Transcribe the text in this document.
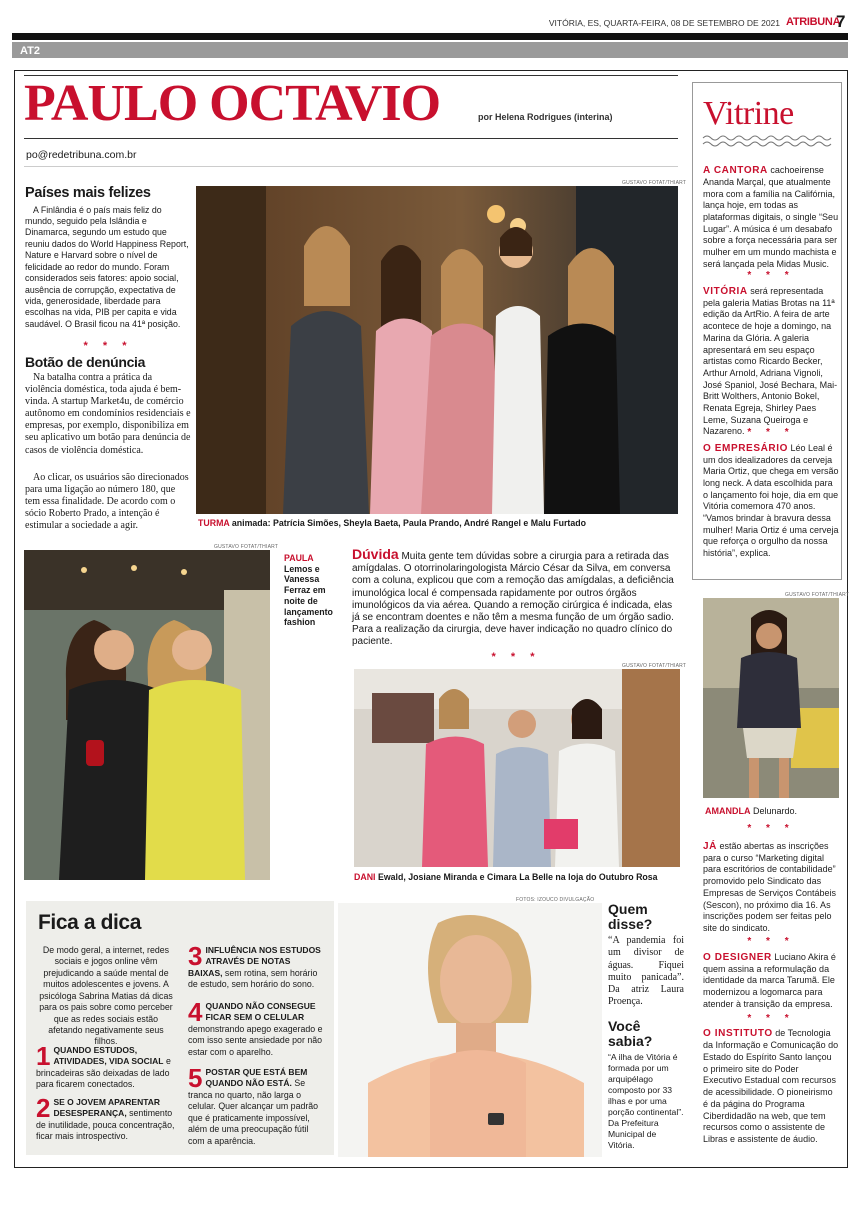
VITÓRIA, ES, QUARTA-FEIRA, 08 DE SETEMBRO DE 2021 ATRIBUNA
7
AT2
PAULO OCTAVIO	por Helena Rodrigues (interina)
po@redetribuna.com.br
Países mais felizes

A Finlândia é o país mais feliz do mundo, seguido pela Islândia e Dinamarca, segundo um estudo que reuniu dados do World Happiness Report, Nature e Harvard sobre o nível de felicidade ao redor do mundo. Foram considerados seis fatores: apoio social, ausência de corrupção, expectativa de vida, generosidade, liberdade para escolhas na vida, PIB per capita e vida saudável. O Brasil ficou na 41ª posição.

* * *
Botão de denúncia

Na batalha contra a prática da violência doméstica, toda ajuda é bem-vinda. A startup Market4u, de comércio autônomo em condomínios residenciais e empresas, por exemplo, disponibiliza em seu aplicativo um botão para denúncia de casos de violência doméstica.

Ao clicar, os usuários são direcionados para uma ligação ao número 180, que tem essa finalidade. De acordo com o sócio Roberto Prado, a intenção é estimular a sociedade a agir.

GUSTAVO FOTAT/THIART
TURMA animada: Patrícia Simões, Sheyla Baeta, Paula Prando, André Rangel e Malu Furtado
GUSTAVO FOTAT/THIART
PAULA
Lemos e Vanessa Ferraz em noite de lançamento fashion
Dúvida Muita gente tem dúvidas sobre a cirurgia para a retirada das amígdalas. O otorrinolaringologista Márcio César da Silva, em conversa com a coluna, explicou que com a remoção das amígdalas, a deficiência imunológica local é compensada rapidamente por outros órgãos imunológicos da via aérea. Quando a remoção cirúrgica é indicada, elas já se encontram doentes e não têm a mesma função de um órgão sadio. Para a realização da cirurgia, deve haver indicação no quadro clínico do paciente.
* * *
GUSTAVO FOTAT/THIART
DANI Ewald, Josiane Miranda e Cimara La Belle na loja do Outubro Rosa
Vitrine

A CANTORA cachoeirense Ananda Marçal, que atualmente mora com a família na Califórnia, lança hoje, em todas as plataformas digitais, o single “Seu Lugar”. A música é um desabafo sobre a força necessária para ser mulher em um mundo machista e será lançada pela Midas Music.

* * *

VITÓRIA será representada pela galeria Matias Brotas na 11ª edição da ArtRio. A feira de arte acontece de hoje a domingo, na Marina da Glória. A galeria apresentará em seu espaço artistas como Ricardo Becker, Arthur Arnold, Adriana Vignoli, José Spaniol, José Bechara, Mai-Britt Wolthers, Antonio Bokel, Renata Egreja, Shirley Paes Leme, Suzana Queiroga e Nazareno. * * *

O EMPRESÁRIO Léo Leal é um dos idealizadores da cerveja Maria Ortiz, que chega em versão long neck. A data escolhida para o lançamento foi hoje, dia em que Vitória comemora 470 anos. “Vamos brindar à bravura dessa mulher! Maria Ortiz é uma cerveja que reforça o orgulho da nossa história”, explica.

GUSTAVO FOTAT/THIART
AMANDLA Delunardo.
* * *

JÁ estão abertas as inscrições para o curso “Marketing digital para escritórios de contabilidade” promovido pelo Sindicato das Empresas de Serviços Contábeis (Sescon), no próximo dia 16. As inscrições podem ser feitas pelo site do sindicato.

* * *

O DESIGNER Luciano Akira é quem assina a reformulação da identidade da marca Tarumã. Ele modernizou a logomarca para atender à transição da empresa.

* * *

O INSTITUTO de Tecnologia da Informação e Comunicação do Estado do Espírito Santo lançou o primeiro site do Poder Executivo Estadual com recursos de acessibilidade. O pioneirismo é da página do Programa Ciberdidadão na web, que tem recursos como o assistente de Libras e assistente de áudio.

Fica a dica

De modo geral, a internet, redes sociais e jogos online vêm prejudicando a saúde mental de muitos adolescentes e jovens. A psicóloga Sabrina Matias dá dicas para os pais sobre como perceber que as redes sociais estão afetando negativamente seus filhos.

1 QUANDO ESTUDOS, ATIVIDADES, VIDA SOCIAL e brincadeiras são deixadas de lado para ficarem conectados.

2 SE O JOVEM APARENTAR DESESPERANÇA, sentimento de inutilidade, pouca concentração, ficar mais introspectivo.

3 INFLUÊNCIA NOS ESTUDOS ATRAVÉS DE NOTAS BAIXAS, sem rotina, sem horário de estudo, sem horário do sono.

4 QUANDO NÃO CONSEGUE FICAR SEM O CELULAR demonstrando apego exagerado e com isso sente ansiedade por não estar com o aparelho.

5 POSTAR QUE ESTÁ BEM QUANDO NÃO ESTÁ. Se tranca no quarto, não larga o celular. Quer alcançar um padrão que é praticamente impossível, além de uma preocupação fútil com a aparência.

FOTOS: IZOUCO DIVULGAÇÃO
Quem disse?

“A pandemia foi um divisor de águas. Fiquei muito panicada”. Da atriz Laura Proença.

Você sabia?

“A ilha de Vitória é formada por um arquipélago composto por 33 ilhas e por uma porção continental”. Da Prefeitura Municipal de Vitória.
